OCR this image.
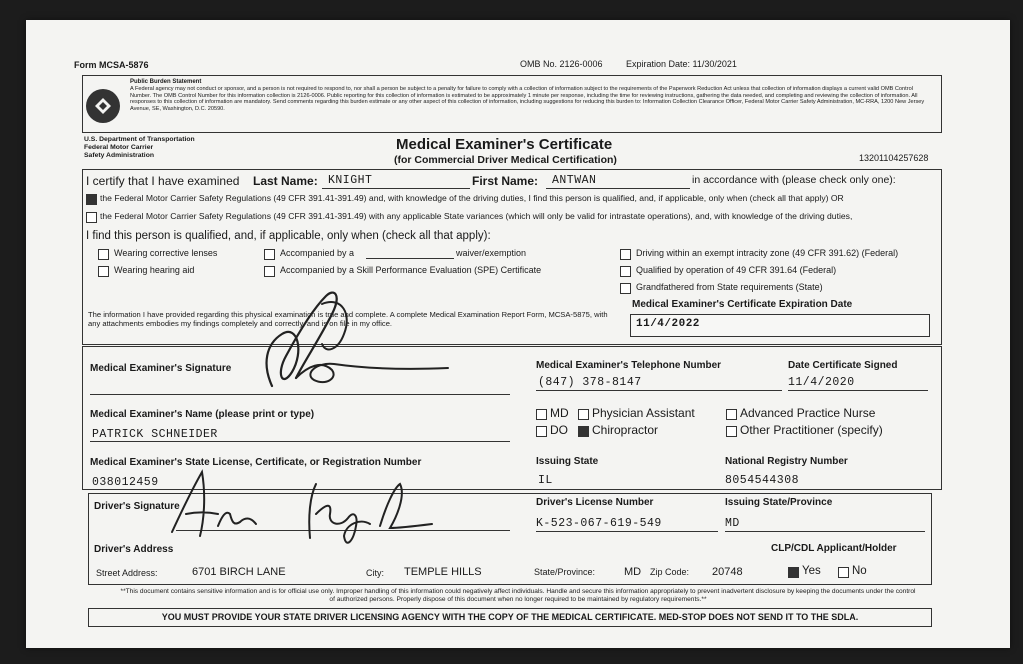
Form MCSA-5876	OMB No. 2126-0006	Expiration Date: 11/30/2021
Public Burden Statement
A Federal agency may not conduct or sponsor, and a person is not required to respond to, nor shall a person be subject to a penalty for failure to comply with a collection of information subject to the requirements of the Paperwork Reduction Act unless that collection of information displays a current valid OMB Control Number. The OMB Control Number for this information collection is 2126-0006. Public reporting for this collection of information is estimated to be approximately 1 minute per response, including the time for reviewing instructions, gathering the data needed, and completing and reviewing the collection of information. All responses to this collection of information are mandatory. Send comments regarding this burden estimate or any other aspect of this collection of information, including suggestions for reducing this burden to: Information Collection Clearance Officer, Federal Motor Carrier Safety Administration, MC-RRA, 1200 New Jersey Avenue, SE, Washington, D.C. 20590.
U.S. Department of Transportation
Federal Motor Carrier
Safety Administration
Medical Examiner's Certificate
(for Commercial Driver Medical Certification)	13201104257628
I certify that I have examined Last Name: KNIGHT	First Name: ANTWAN	in accordance with (please check only one):
the Federal Motor Carrier Safety Regulations (49 CFR 391.41-391.49) and, with knowledge of the driving duties, I find this person is qualified, and, if applicable, only when (check all that apply) OR
the Federal Motor Carrier Safety Regulations (49 CFR 391.41-391.49) with any applicable State variances (which will only be valid for intrastate operations), and, with knowledge of the driving duties,
I find this person is qualified, and, if applicable, only when (check all that apply):
Wearing corrective lenses
Wearing hearing aid
Accompanied by a	waiver/exemption
Accompanied by a Skill Performance Evaluation (SPE) Certificate
Driving within an exempt intracity zone (49 CFR 391.62) (Federal)
Qualified by operation of 49 CFR 391.64 (Federal)
Grandfathered from State requirements (State)
Medical Examiner's Certificate Expiration Date
11/4/2022
The information I have provided regarding this physical examination is true and complete. A complete Medical Examination Report Form, MCSA-5875, with any attachments embodies my findings completely and correctly, and is on file in my office.
Medical Examiner's Signature	Medical Examiner's Telephone Number
(847) 378-8147
Date Certificate Signed
11/4/2020
Medical Examiner's Name (please print or type)
PATRICK SCHNEIDER
MD
DO
Physician Assistant
Chiropractor
Advanced Practice Nurse
Other Practitioner (specify)
Medical Examiner's State License, Certificate, or Registration Number
038012459
Issuing State
IL
National Registry Number
8054544308
Driver's Signature	Driver's License Number
K-523-067-619-549
Issuing State/Province
MD
Driver's Address	CLP/CDL Applicant/Holder
Street Address:	6701 BIRCH LANE	City: TEMPLE HILLS	State/Province:	MD Zip Code: 20748	Yes	No
**This document contains sensitive information and is for official use only. Improper handling of this information could negatively affect individuals. Handle and secure this information appropriately to prevent inadvertent disclosure by keeping the documents under the control of authorized persons. Properly dispose of this document when no longer required to be maintained by regulatory requirements.**
YOU MUST PROVIDE YOUR STATE DRIVER LICENSING AGENCY WITH THE COPY OF THE MEDICAL CERTIFICATE. MED-STOP DOES NOT SEND IT TO THE SDLA.
